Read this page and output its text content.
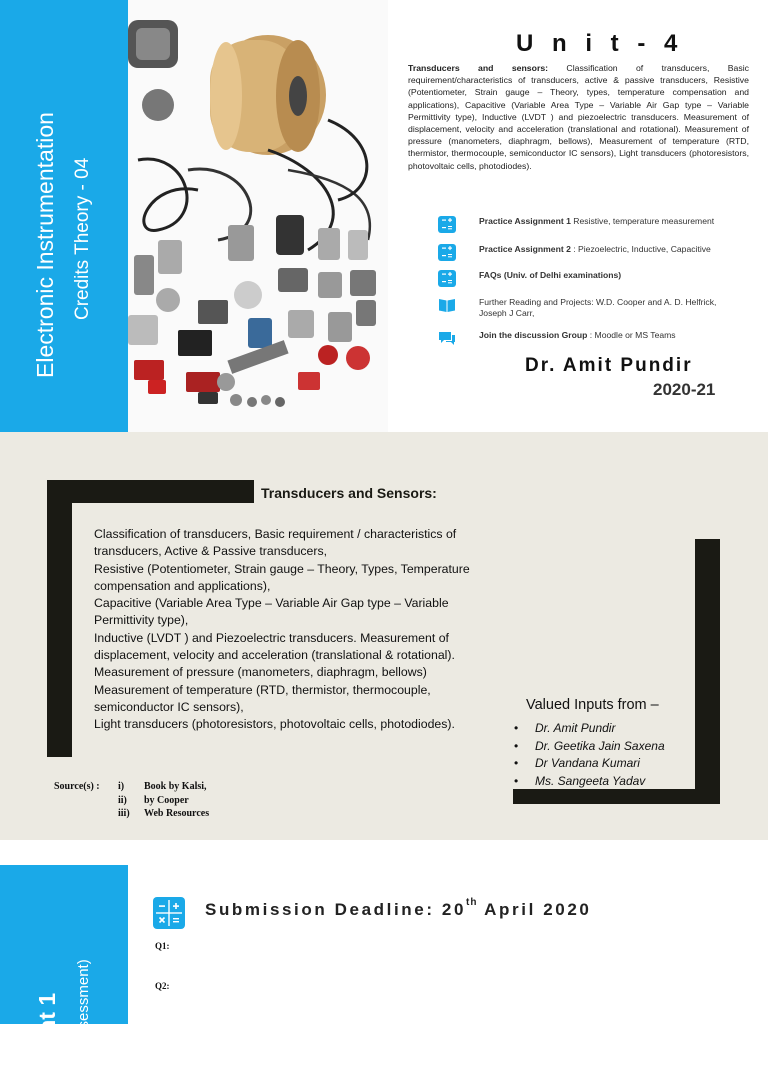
Electronic Instrumentation Credits Theory - 04
U n i t - 4

Transducers and sensors: Classification of transducers, Basic requirement/characteristics of transducers, active & passive transducers, Resistive (Potentiometer, Strain gauge – Theory, types, temperature compensation and applications), Capacitive (Variable Area Type – Variable Air Gap type – Variable Permittivity type), Inductive (LVDT ) and piezoelectric transducers. Measurement of displacement, velocity and acceleration (translational and rotational). Measurement of pressure (manometers, diaphragm, bellows), Measurement of temperature (RTD, thermistor, thermocouple, semiconductor IC sensors), Light transducers (photoresistors, photovoltaic cells, photodiodes).

Practice Assignment 1 Resistive, temperature measurement
Practice Assignment 2 : Piezoelectric, Inductive, Capacitive
FAQs (Univ. of Delhi examinations)
Further Reading and Projects: W.D. Cooper and A. D. Helfrick, Joseph J Carr,
Join the discussion Group : Moodle or MS Teams
Dr. Amit Pundir
2020-21
Transducers and Sensors:

Classification of transducers, Basic requirement / characteristics of transducers, Active & Passive transducers,

Resistive (Potentiometer, Strain gauge – Theory, Types, Temperature compensation and applications),

Capacitive (Variable Area Type – Variable Air Gap type – Variable Permittivity type),

Inductive (LVDT ) and Piezoelectric transducers. Measurement of displacement, velocity and acceleration (translational & rotational).

Measurement of pressure (manometers, diaphragm, bellows)

Measurement of temperature (RTD, thermistor, thermocouple, semiconductor IC sensors),

Light transducers (photoresistors, photovoltaic cells, photodiodes).

Valued Inputs from –
• Dr. Amit Pundir
• Dr. Geetika Jain Saxena
• Dr Vandana Kumari
• Ms. Sangeeta Yadav
Source(s) :	i)	Book by Kalsi,
ii)	by Cooper
iii)	Web Resources
ment 1 al Assessment)
Submission Deadline: 20th April 2020
Q1:
Q2:
